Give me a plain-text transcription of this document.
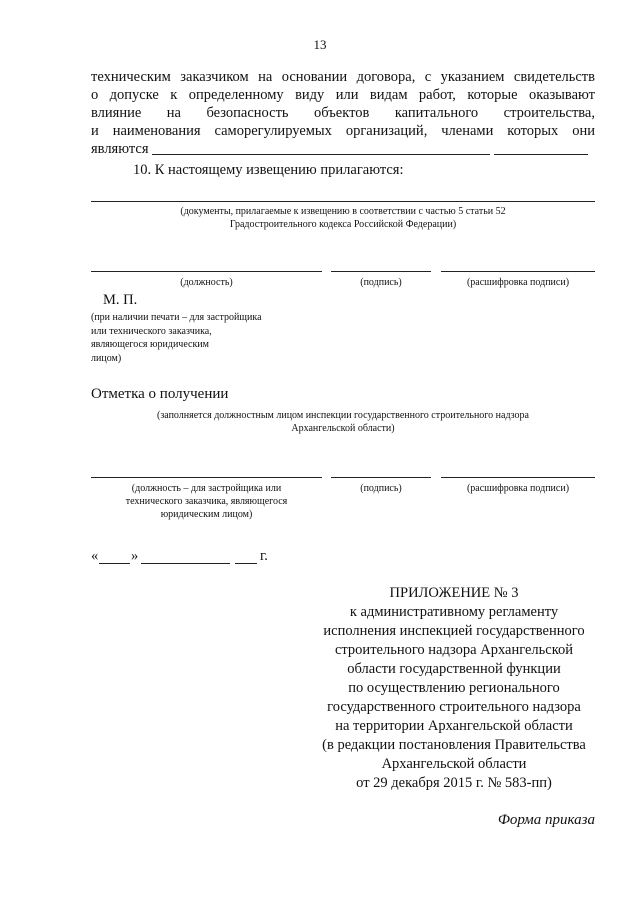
13
техническим заказчиком на основании договора, с указанием свидетельств
о допуске к определенному виду или видам работ, которые оказывают
влияние на безопасность объектов капитального строительства,
и наименования саморегулируемых организаций, членами которых они
являются
10. К настоящему извещению прилагаются:
(документы, прилагаемые к извещению в соответствии с частью 5 статьи 52
Градостроительного кодекса Российской Федерации)
(должность)	(подпись)	(расшифровка подписи)
М. П.
(при наличии печати – для застройщика
или технического заказчика,
являющегося юридическим
лицом)
Отметка о получении
(заполняется должностным лицом инспекции государственного строительного надзора
Архангельской области)
(должность – для застройщика или
технического заказчика, являющегося
юридическим лицом)
(подпись)	(расшифровка подписи)
« »	г.
ПРИЛОЖЕНИЕ № 3
к административному регламенту
исполнения инспекцией государственного
строительного надзора Архангельской
области государственной функции
по осуществлению регионального
государственного строительного надзора
на территории Архангельской области
(в редакции постановления Правительства
Архангельской области
от 29 декабря 2015 г. № 583-пп)
Форма приказа
